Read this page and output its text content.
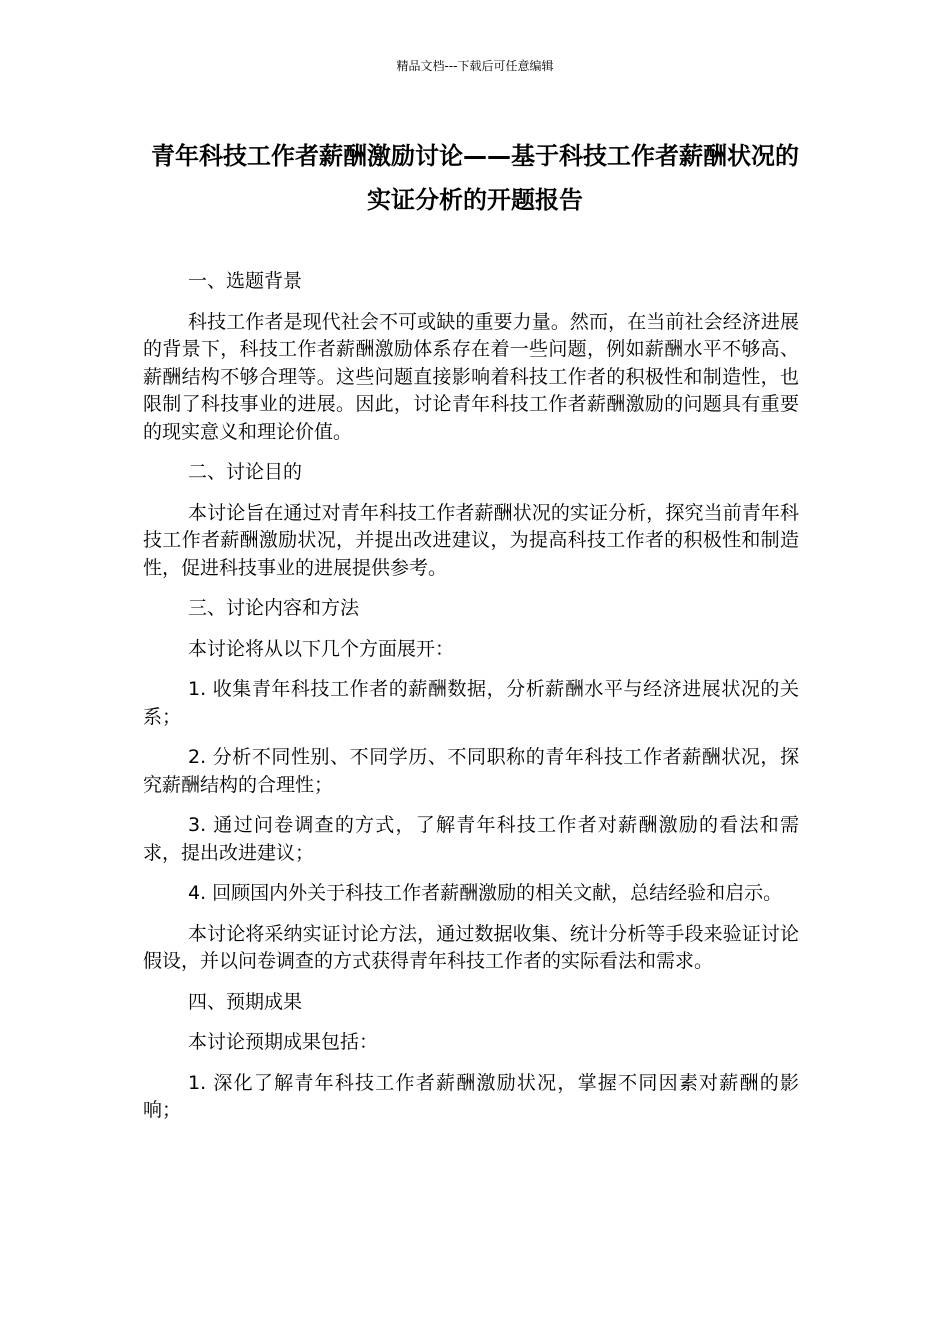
精品文档---下载后可任意编辑
青年科技工作者薪酬激励讨论——基于科技工作者薪酬状况的实证分析的开题报告

一、选题背景

科技工作者是现代社会不可或缺的重要力量。然而，在当前社会经济进展的背景下，科技工作者薪酬激励体系存在着一些问题，例如薪酬水平不够高、薪酬结构不够合理等。这些问题直接影响着科技工作者的积极性和制造性，也限制了科技事业的进展。因此，讨论青年科技工作者薪酬激励的问题具有重要的现实意义和理论价值。

二、讨论目的

本讨论旨在通过对青年科技工作者薪酬状况的实证分析，探究当前青年科技工作者薪酬激励状况，并提出改进建议，为提高科技工作者的积极性和制造性，促进科技事业的进展提供参考。

三、讨论内容和方法

本讨论将从以下几个方面展开：

1. 收集青年科技工作者的薪酬数据，分析薪酬水平与经济进展状况的关系；

2. 分析不同性别、不同学历、不同职称的青年科技工作者薪酬状况，探究薪酬结构的合理性；

3. 通过问卷调查的方式，了解青年科技工作者对薪酬激励的看法和需求，提出改进建议；

4. 回顾国内外关于科技工作者薪酬激励的相关文献，总结经验和启示。

本讨论将采纳实证讨论方法，通过数据收集、统计分析等手段来验证讨论假设，并以问卷调查的方式获得青年科技工作者的实际看法和需求。

四、预期成果

本讨论预期成果包括：

1. 深化了解青年科技工作者薪酬激励状况，掌握不同因素对薪酬的影响；
